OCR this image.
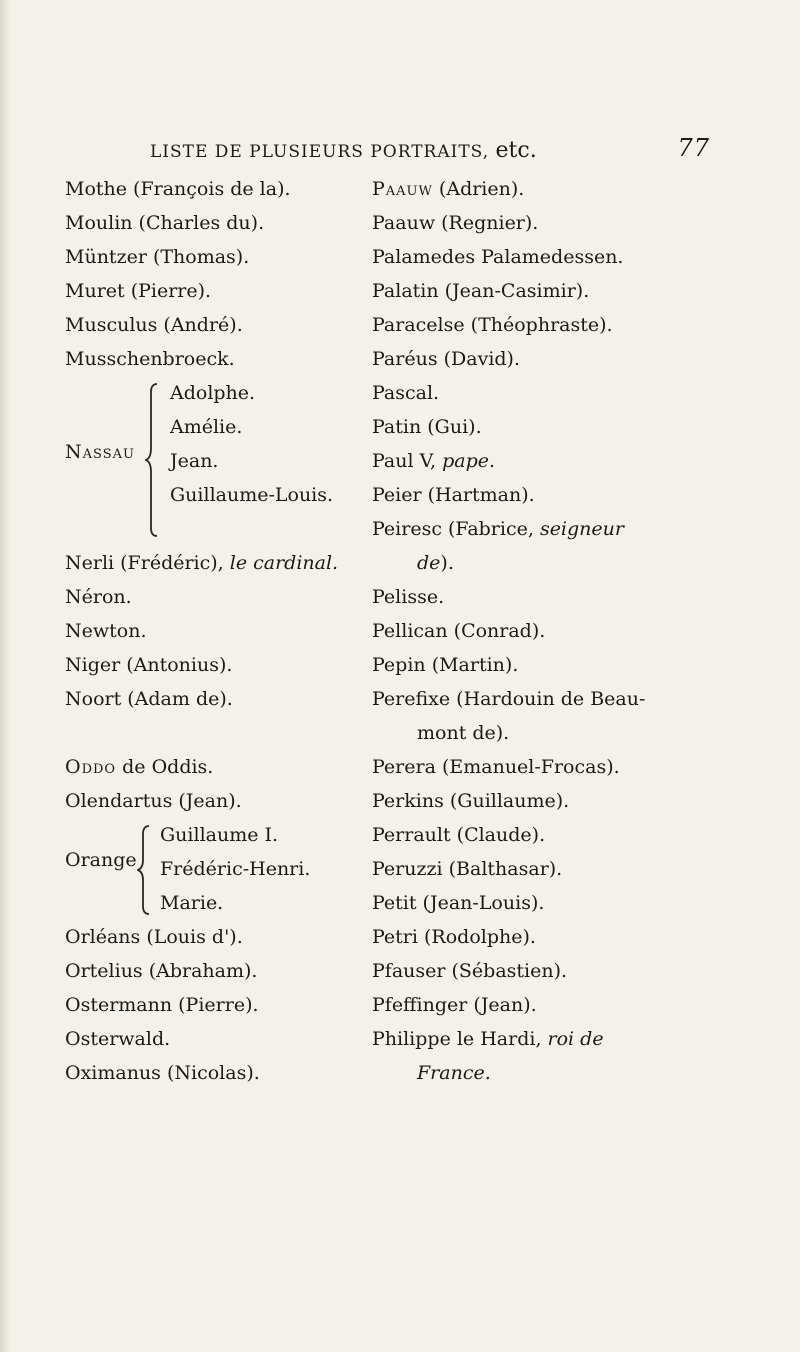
LISTE DE PLUSIEURS PORTRAITS, etc.	77
Mothe (François de la).
Moulin (Charles du).
Müntzer (Thomas).
Muret (Pierre).
Musculus (André).
Musschenbroeck.
Nassau
Adolphe.
Amélie.
Jean.
Guillaume-Louis.
Nerli (Frédéric), le cardinal.
Néron.
Newton.
Niger (Antonius).
Noort (Adam de).
Oddo de Oddis.
Olendartus (Jean).
Orange
Guillaume I.
Frédéric-Henri.
Marie.
Orléans (Louis d').
Ortelius (Abraham).
Ostermann (Pierre).
Osterwald.
Oximanus (Nicolas).
Paauw (Adrien).
Paauw (Regnier).
Palamedes Palamedessen.
Palatin (Jean-Casimir).
Paracelse (Théophraste).
Paréus (David).
Pascal.
Patin (Gui).
Paul V, pape.
Peier (Hartman).
Peiresc (Fabrice, seigneur
de).
Pelisse.
Pellican (Conrad).
Pepin (Martin).
Perefixe (Hardouin de Beau-
mont de).
Perera (Emanuel-Frocas).
Perkins (Guillaume).
Perrault (Claude).
Peruzzi (Balthasar).
Petit (Jean-Louis).
Petri (Rodolphe).
Pfauser (Sébastien).
Pfeffinger (Jean).
Philippe le Hardi, roi de
France.
